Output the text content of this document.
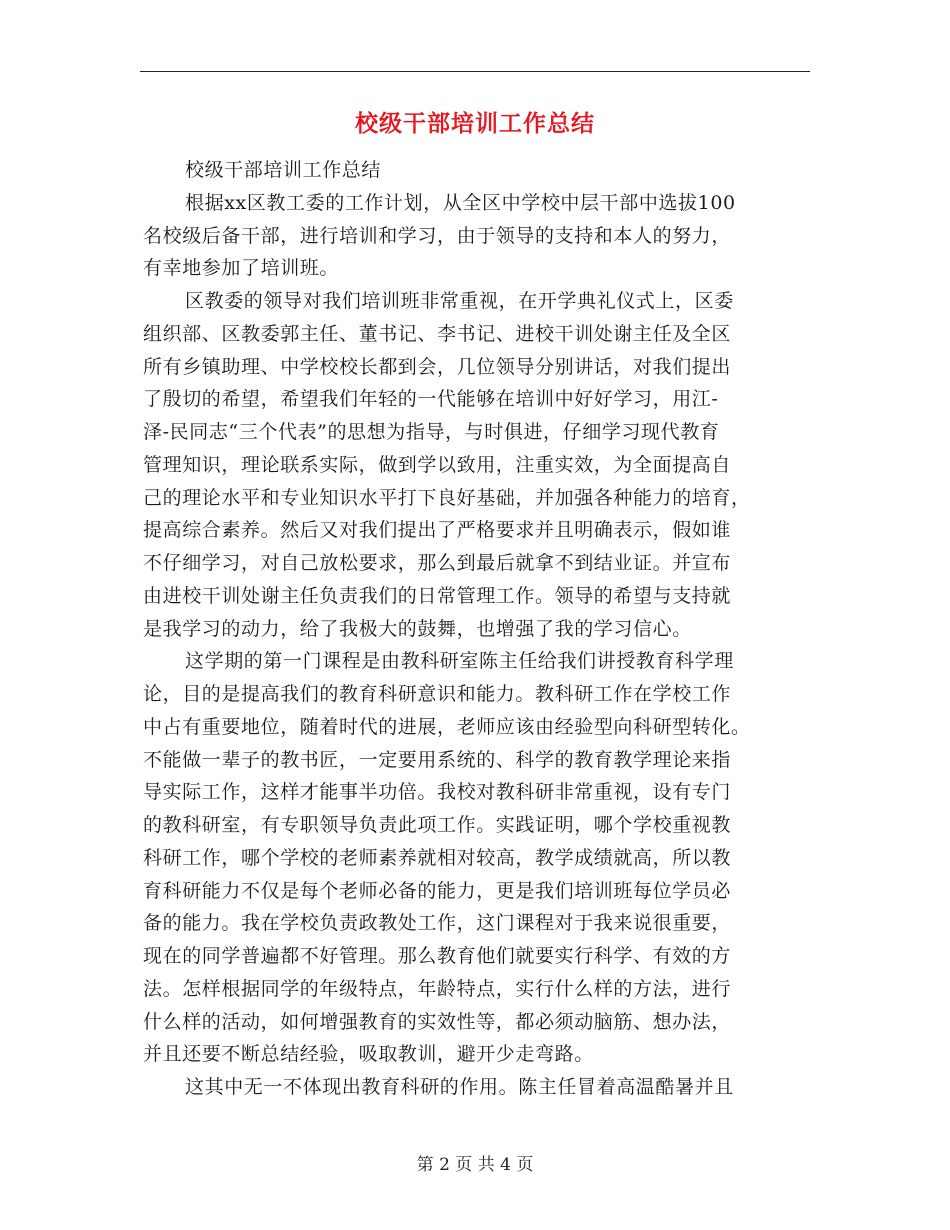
校级干部培训工作总结
校级干部培训工作总结
根据xx区教工委的工作计划，从全区中学校中层干部中选拔100
名校级后备干部，进行培训和学习，由于领导的支持和本人的努力，
有幸地参加了培训班。
区教委的领导对我们培训班非常重视，在开学典礼仪式上，区委
组织部、区教委郭主任、董书记、李书记、进校干训处谢主任及全区
所有乡镇助理、中学校校长都到会，几位领导分别讲话，对我们提出
了殷切的希望，希望我们年轻的一代能够在培训中好好学习，用江-
泽-民同志“三个代表”的思想为指导，与时俱进，仔细学习现代教育
管理知识，理论联系实际，做到学以致用，注重实效，为全面提高自
己的理论水平和专业知识水平打下良好基础，并加强各种能力的培育，
提高综合素养。然后又对我们提出了严格要求并且明确表示，假如谁
不仔细学习，对自己放松要求，那么到最后就拿不到结业证。并宣布
由进校干训处谢主任负责我们的日常管理工作。领导的希望与支持就
是我学习的动力，给了我极大的鼓舞，也增强了我的学习信心。
这学期的第一门课程是由教科研室陈主任给我们讲授教育科学理
论，目的是提高我们的教育科研意识和能力。教科研工作在学校工作
中占有重要地位，随着时代的进展，老师应该由经验型向科研型转化。
不能做一辈子的教书匠，一定要用系统的、科学的教育教学理论来指
导实际工作，这样才能事半功倍。我校对教科研非常重视，设有专门
的教科研室，有专职领导负责此项工作。实践证明，哪个学校重视教
科研工作，哪个学校的老师素养就相对较高，教学成绩就高，所以教
育科研能力不仅是每个老师必备的能力，更是我们培训班每位学员必
备的能力。我在学校负责政教处工作，这门课程对于我来说很重要，
现在的同学普遍都不好管理。那么教育他们就要实行科学、有效的方
法。怎样根据同学的年级特点，年龄特点，实行什么样的方法，进行
什么样的活动，如何增强教育的实效性等，都必须动脑筋、想办法，
并且还要不断总结经验，吸取教训，避开少走弯路。
这其中无一不体现出教育科研的作用。陈主任冒着高温酷暑并且
第 2 页 共 4 页
